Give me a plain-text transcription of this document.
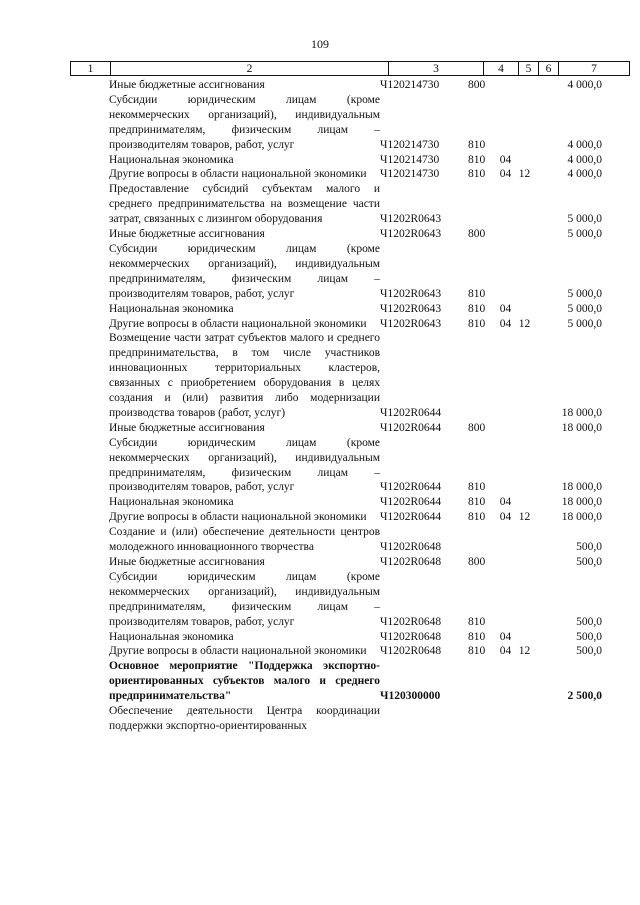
109
1	2	3	4	5	6	7
	Иные бюджетные ассигнования	Ч120214730	800			4 000,0
	Субсидии юридическим лицам (кроме некоммерческих организаций), индивидуальным предпринимателям, физическим лицам – производителям товаров, работ, услуг	Ч120214730	810			4 000,0
	Национальная экономика	Ч120214730	810	04		4 000,0
	Другие вопросы в области национальной экономики	Ч120214730	810	04	12	4 000,0
	Предоставление субсидий субъектам малого и среднего предпринимательства на возмещение части затрат, связанных с лизингом оборудования	Ч1202R0643				5 000,0
	Иные бюджетные ассигнования	Ч1202R0643	800			5 000,0
	Субсидии юридическим лицам (кроме некоммерческих организаций), индивидуальным предпринимателям, физическим лицам – производителям товаров, работ, услуг	Ч1202R0643	810			5 000,0
	Национальная экономика	Ч1202R0643	810	04		5 000,0
	Другие вопросы в области национальной экономики	Ч1202R0643	810	04	12	5 000,0
	Возмещение части затрат субъектов малого и среднего предпринимательства, в том числе участников инновационных территориальных кластеров, связанных с приобретением оборудования в целях создания и (или) развития либо модернизации производства товаров (работ, услуг)	Ч1202R0644				18 000,0
	Иные бюджетные ассигнования	Ч1202R0644	800			18 000,0
	Субсидии юридическим лицам (кроме некоммерческих организаций), индивидуальным предпринимателям, физическим лицам – производителям товаров, работ, услуг	Ч1202R0644	810			18 000,0
	Национальная экономика	Ч1202R0644	810	04		18 000,0
	Другие вопросы в области национальной экономики	Ч1202R0644	810	04	12	18 000,0
	Создание и (или) обеспечение деятельности центров молодежного инновационного творчества	Ч1202R0648				500,0
	Иные бюджетные ассигнования	Ч1202R0648	800			500,0
	Субсидии юридическим лицам (кроме некоммерческих организаций), индивидуальным предпринимателям, физическим лицам – производителям товаров, работ, услуг	Ч1202R0648	810			500,0
	Национальная экономика	Ч1202R0648	810	04		500,0
	Другие вопросы в области национальной экономики	Ч1202R0648	810	04	12	500,0
	Основное мероприятие "Поддержка экспортно-ориентированных субъектов малого и среднего предпринимательства"	Ч120300000				2 500,0
	Обеспечение деятельности Центра координации поддержки экспортно-ориентированных					
